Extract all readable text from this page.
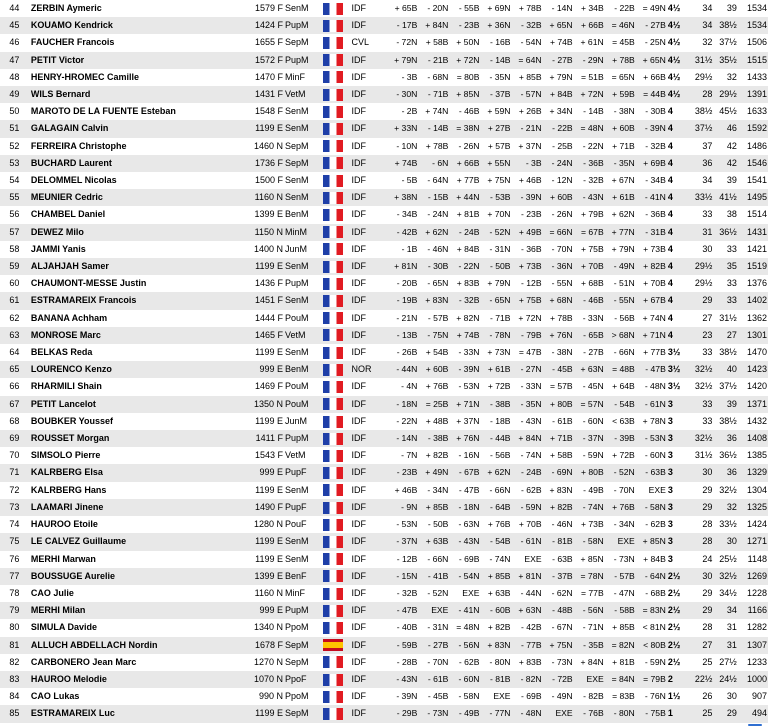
44	ZERBIN Aymeric	1579 F	SenM		IDF	+ 65B	- 20N	- 55B	+ 69N	+ 78B	- 14N	+ 34B	- 22B	= 49N	4½	34	39	1534
45	KOUAMO Kendrick	1424 F	PupM		IDF	- 17B	+ 84N	- 23B	+ 36N	- 32B	+ 65N	+ 66B	= 46N	- 27B	4½	34	38½	1534
46	FAUCHER Francois	1655 F	SepM		CVL	- 72N	+ 58B	+ 50N	- 16B	- 54N	+ 74B	+ 61N	= 45B	- 25N	4½	32	37½	1506
47	PETIT Victor	1572 F	PupM		IDF	+ 79N	- 21B	+ 72N	- 14B	= 64N	- 27B	- 29N	+ 78B	+ 65N	4½	31½	35½	1515
48	HENRY-HROMEC Camille	1470 F	MinF		IDF	- 3B	- 68N	= 80B	- 35N	+ 85B	+ 79N	= 51B	= 65N	+ 66B	4½	29½	32	1433
49	WILS Bernard	1431 F	VetM		IDF	- 30N	- 71B	+ 85N	- 37B	- 57N	+ 84B	+ 72N	+ 59B	= 44B	4½	28	29½	1391
50	MAROTO DE LA FUENTE Esteban	1548 F	SenM		IDF	- 2B	+ 74N	- 46B	+ 59N	+ 26B	+ 34N	- 14B	- 38N	- 30B	4	38½	45½	1633
51	GALAGAIN Calvin	1199 E	SenM		IDF	+ 33N	- 14B	= 38N	+ 27B	- 21N	- 22B	= 48N	+ 60B	- 39N	4	37½	46	1592
52	FERREIRA Christophe	1460 N	SepM		IDF	- 10N	+ 78B	- 26N	+ 57B	+ 37N	- 25B	- 22N	+ 71B	- 32B	4	37	42	1486
53	BUCHARD Laurent	1736 F	SepM		IDF	+ 74B	- 6N	+ 66B	+ 55N	- 3B	- 24N	- 36B	- 35N	+ 69B	4	36	42	1546
54	DELOMMEL Nicolas	1500 F	SenM		IDF	- 5B	- 64N	+ 77B	+ 75N	+ 46B	- 12N	- 32B	+ 67N	- 34B	4	34	39	1541
55	MEUNIER Cedric	1160 N	SenM		IDF	+ 38N	- 15B	+ 44N	- 53B	- 39N	+ 60B	- 43N	+ 61B	- 41N	4	33½	41½	1495
56	CHAMBEL Daniel	1399 E	BenM		IDF	- 34B	- 24N	+ 81B	+ 70N	- 23B	- 26N	+ 79B	+ 62N	- 36B	4	33	38	1514
57	DEWEZ Milo	1150 N	MinM		IDF	- 42B	+ 62N	- 24B	- 52N	+ 49B	= 66N	= 67B	+ 77N	- 31B	4	31	36½	1431
58	JAMMI Yanis	1400 N	JunM		IDF	- 1B	- 46N	+ 84B	- 31N	- 36B	- 70N	+ 75B	+ 79N	+ 73B	4	30	33	1421
59	ALJAHJAH Samer	1199 E	SenM		IDF	+ 81N	- 30B	- 22N	- 50B	+ 73B	- 36N	+ 70B	- 49N	+ 82B	4	29½	35	1519
60	CHAUMONT-MESSE Justin	1436 F	PupM		IDF	- 20B	- 65N	+ 83B	+ 79N	- 12B	- 55N	+ 68B	- 51N	+ 70B	4	29½	33	1376
61	ESTRAMAREIX Francois	1451 F	SenM		IDF	- 19B	+ 83N	- 32B	- 65N	+ 75B	+ 68N	- 46B	- 55N	+ 67B	4	29	33	1402
62	BANANA Achham	1444 F	PouM		IDF	- 21N	- 57B	+ 82N	- 71B	+ 72N	+ 78B	- 33N	- 56B	+ 74N	4	27	31½	1362
63	MONROSE Marc	1465 F	VetM		IDF	- 13B	- 75N	+ 74B	- 78N	- 79B	+ 76N	- 65B	> 68N	+ 71N	4	23	27	1301
64	BELKAS Reda	1199 E	SenM		IDF	- 26B	+ 54B	- 33N	+ 73N	= 47B	- 38N	- 27B	- 66N	+ 77B	3½	33	38½	1470
65	LOURENCO Kenzo	999 E	BenM		NOR	- 44N	+ 60B	- 39N	+ 61B	- 27N	- 45B	+ 63N	= 48B	- 47B	3½	32½	40	1423
66	RHARMILI Shain	1469 F	PouM		IDF	- 4N	+ 76B	- 53N	+ 72B	- 33N	= 57B	- 45N	+ 64B	- 48N	3½	32½	37½	1420
67	PETIT Lancelot	1350 N	PouM		IDF	- 18N	= 25B	+ 71N	- 38B	- 35N	+ 80B	= 57N	- 54B	- 61N	3	33	39	1371
68	BOUBKER Youssef	1199 E	JunM		IDF	- 22N	+ 48B	+ 37N	- 18B	- 43N	- 61B	- 60N	< 63B	+ 78N	3	33	38½	1432
69	ROUSSET Morgan	1411 F	PupM		IDF	- 14N	- 38B	+ 76N	- 44B	+ 84N	+ 71B	- 37N	- 39B	- 53N	3	32½	36	1408
70	SIMSOLO Pierre	1543 F	VetM		IDF	- 7N	+ 82B	- 16N	- 56B	- 74N	+ 58B	- 59N	+ 72B	- 60N	3	31½	36½	1385
71	KALRBERG Elsa	999 E	PupF		IDF	- 23B	+ 49N	- 67B	+ 62N	- 24B	- 69N	+ 80B	- 52N	- 63B	3	30	36	1329
72	KALRBERG Hans	1199 E	SenM		IDF	+ 46B	- 34N	- 47B	- 66N	- 62B	+ 83N	- 49B	- 70N	EXE	3	29	32½	1304
73	LAAMARI Jinene	1490 F	PupF		IDF	- 9N	+ 85B	- 18N	- 64B	- 59N	+ 82B	- 74N	+ 76B	- 58N	3	29	32	1325
74	HAUROO Etoile	1280 N	PouF		IDF	- 53N	- 50B	- 63N	+ 76B	+ 70B	- 46N	+ 73B	- 34N	- 62B	3	28	33½	1424
75	LE CALVEZ Guillaume	1199 E	SenM		IDF	- 37N	+ 63B	- 43N	- 54B	- 61N	- 81B	- 58N	EXE	+ 85N	3	28	30	1271
76	MERHI Marwan	1199 E	SenM		IDF	- 12B	- 66N	- 69B	- 74N	EXE	- 63B	+ 85N	- 73N	+ 84B	3	24	25½	1148
77	BOUSSUGE Aurelie	1399 E	BenF		IDF	- 15N	- 41B	- 54N	+ 85B	+ 81N	- 37B	= 78N	- 57B	- 64N	2½	30	32½	1269
78	CAO Julie	1160 N	MinF		IDF	- 32B	- 52N	EXE	+ 63B	- 44N	- 62N	= 77B	- 47N	- 68B	2½	29	34½	1228
79	MERHI Milan	999 E	PupM		IDF	- 47B	EXE	- 41N	- 60B	+ 63N	- 48B	- 56N	- 58B	= 83N	2½	29	34	1166
80	SIMULA Davide	1340 N	PpoM		IDF	- 40B	- 31N	= 48N	+ 82B	- 42B	- 67N	- 71N	+ 85B	< 81N	2½	28	31	1282
81	ALLUCH ABDELLACH Nordin	1678 F	SepM		IDF	- 59B	- 27B	- 56N	+ 83N	- 77B	+ 75N	- 35B	= 82N	< 80B	2½	27	31	1307
82	CARBONERO Jean Marc	1270 N	SepM		IDF	- 28B	- 70N	- 62B	- 80N	+ 83B	- 73N	+ 84N	+ 81B	- 59N	2½	25	27½	1233
83	HAUROO Melodie	1070 N	PpoF		IDF	- 43N	- 61B	- 60N	- 81B	- 82N	- 72B	EXE	= 84N	= 79B	2	22½	24½	1000
84	CAO Lukas	990 N	PpoM		IDF	- 39N	- 45B	- 58N	EXE	- 69B	- 49N	- 82B	= 83B	- 76N	1½	26	30	907
85	ESTRAMAREIX Luc	1199 E	SepM		IDF	- 29B	- 73N	- 49B	- 77N	- 48N	EXE	- 76B	- 80N	- 75B	1	25	29	494
